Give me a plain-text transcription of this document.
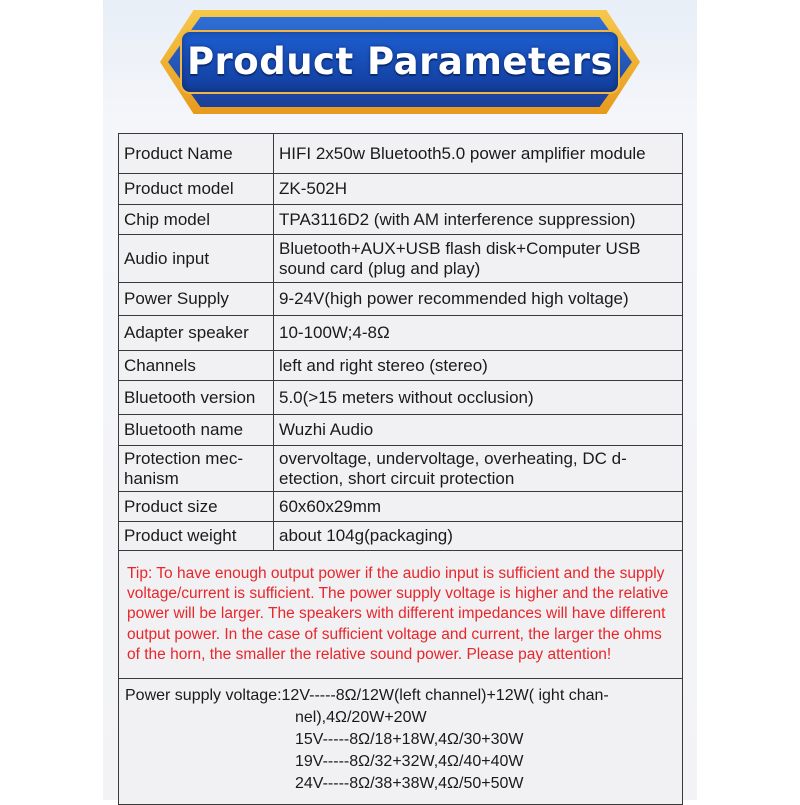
Product Parameters
Product Name	HIFI 2x50w Bluetooth5.0 power amplifier module
Product model	ZK-502H
Chip model	TPA3116D2 (with AM interference suppression)
Audio input	Bluetooth+AUX+USB flash disk+Computer USB sound card (plug and play)
Power Supply	9-24V(high power recommended high voltage)
Adapter speaker	10-100W;4-8Ω
Channels	left and right stereo (stereo)
Bluetooth version	5.0(>15 meters without occlusion)
Bluetooth name	Wuzhi Audio
Protection mec-hanism	overvoltage, undervoltage, overheating, DC d-etection, short circuit protection
Product size	60x60x29mm
Product weight	about 104g(packaging)
Tip: To have enough output power if the audio input is sufficient and the supply voltage/current is sufficient. The power supply voltage is higher and the relative power will be larger. The speakers with different impedances will have different output power. In the case of sufficient voltage and current, the larger the ohms of the horn, the smaller the relative sound power. Please pay attention!	

Power supply voltage:12V-----8Ω/12W(left channel)+12W( ight chan-
nel),4Ω/20W+20W
15V-----8Ω/18+18W,4Ω/30+30W
19V-----8Ω/32+32W,4Ω/40+40W
24V-----8Ω/38+38W,4Ω/50+50W	
